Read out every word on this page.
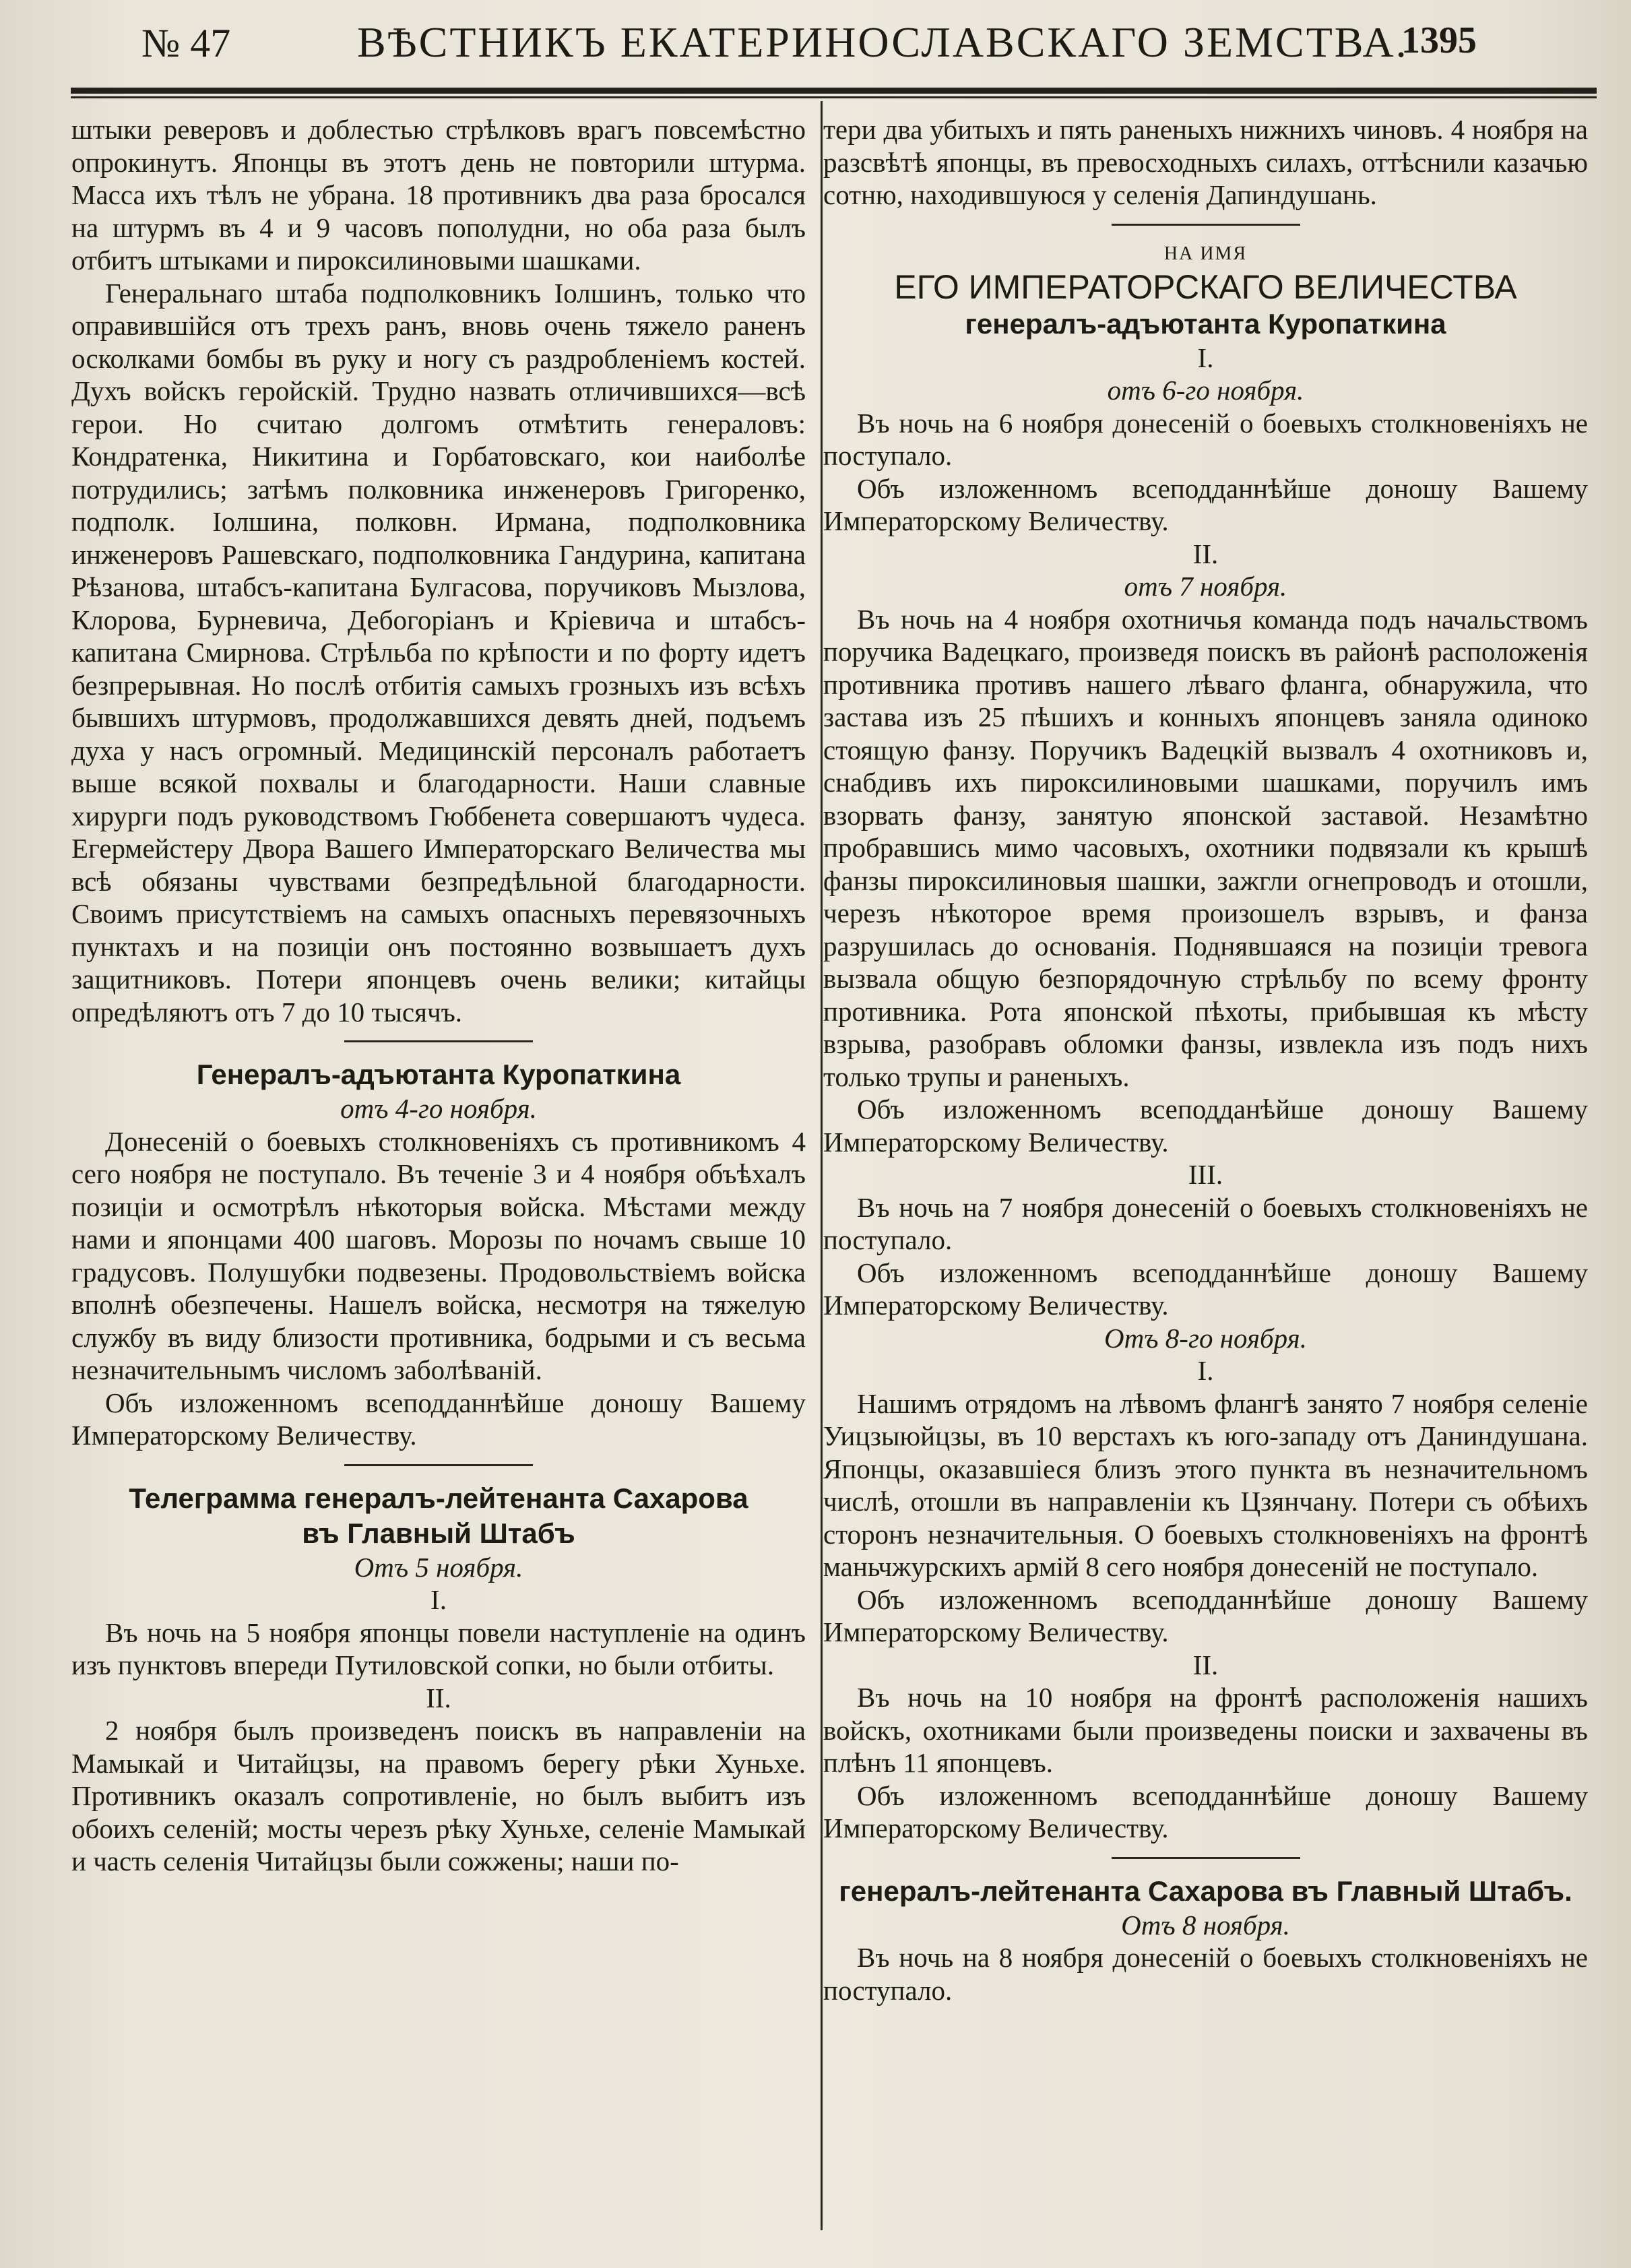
№ 47	ВѢСТНИКЪ ЕКАТЕРИНОСЛАВСКАГО ЗЕМСТВА.
1395

штыки реверовъ и доблестью стрѣлковъ врагъ повсемѣстно опрокинутъ. Японцы въ этотъ день не повторили штурма. Масса ихъ тѣлъ не убрана. 18 противникъ два раза бросался на штурмъ въ 4 и 9 часовъ пополудни, но оба раза былъ отбитъ штыками и пироксилиновыми шашками.

Генеральнаго штаба подполковникъ Іолшинъ, только что оправившійся отъ трехъ ранъ, вновь очень тяжело раненъ осколками бомбы въ руку и ногу съ раздробленіемъ костей. Духъ войскъ геройскій. Трудно назвать отличившихся—всѣ герои. Но считаю долгомъ отмѣтить генераловъ: Кондратенка, Никитина и Горбатовскаго, кои наиболѣе потрудились; затѣмъ полковника инженеровъ Григоренко, подполк. Іолшина, полковн. Ирмана, подполковника инженеровъ Рашевскаго, подполковника Гандурина, капитана Рѣзанова, штабсъ-капитана Булгасова, поручиковъ Мызлова, Клорова, Бурневича, Дебогоріанъ и Кріевича и штабсъ-капитана Смирнова. Стрѣльба по крѣпости и по форту идетъ безпрерывная. Но послѣ отбитія самыхъ грозныхъ изъ всѣхъ бывшихъ штурмовъ, продолжавшихся девять дней, подъемъ духа у насъ огромный. Медицинскій персоналъ работаетъ выше всякой похвалы и благодарности. Наши славные хирурги подъ руководствомъ Гюббенета совершаютъ чудеса. Егермейстеру Двора Вашего Императорскаго Величества мы всѣ обязаны чувствами безпредѣльной благодарности. Своимъ присутствіемъ на самыхъ опасныхъ перевязочныхъ пунктахъ и на позиціи онъ постоянно возвышаетъ духъ защитниковъ. Потери японцевъ очень велики; китайцы опредѣляютъ отъ 7 до 10 тысячъ.

Генералъ-адъютанта Куропаткина
отъ 4-го ноября.

Донесеній о боевыхъ столкновеніяхъ съ противникомъ 4 сего ноября не поступало. Въ теченіе 3 и 4 ноября объѣхалъ позиціи и осмотрѣлъ нѣкоторыя войска. Мѣстами между нами и японцами 400 шаговъ. Морозы по ночамъ свыше 10 градусовъ. Полушубки подвезены. Продовольствіемъ войска вполнѣ обезпечены. Нашелъ войска, несмотря на тяжелую службу въ виду близости противника, бодрыми и съ весьма незначительнымъ числомъ заболѣваній.

Объ изложенномъ всеподданнѣйше доношу Вашему Императорскому Величеству.

Телеграмма генералъ-лейтенанта Сахарова
въ Главный Штабъ
Отъ 5 ноября.
I.

Въ ночь на 5 ноября японцы повели наступленіе на одинъ изъ пунктовъ впереди Путиловской сопки, но были отбиты.

II.

2 ноября былъ произведенъ поискъ въ направленіи на Мамыкай и Читайцзы, на правомъ берегу рѣки Хуньхе. Противникъ оказалъ сопротивленіе, но былъ выбитъ изъ обоихъ селеній; мосты черезъ рѣку Хуньхе, селеніе Мамыкай и часть селенія Читайцзы были сожжены; наши по-

тери два убитыхъ и пять раненыхъ нижнихъ чиновъ. 4 ноября на разсвѣтѣ японцы, въ превосходныхъ силахъ, оттѣснили казачью сотню, находившуюся у селенія Дапиндушань.

НА ИМЯ
ЕГО ИМПЕРАТОРСКАГО ВЕЛИЧЕСТВА
генералъ-адъютанта Куропаткина
I.
отъ 6-го ноября.

Въ ночь на 6 ноября донесеній о боевыхъ столкновеніяхъ не поступало.

Объ изложенномъ всеподданнѣйше доношу Вашему Императорскому Величеству.

II.
отъ 7 ноября.

Въ ночь на 4 ноября охотничья команда подъ начальствомъ поручика Вадецкаго, произведя поискъ въ районѣ расположенія противника противъ нашего лѣваго фланга, обнаружила, что застава изъ 25 пѣшихъ и конныхъ японцевъ заняла одиноко стоящую фанзу. Поручикъ Вадецкій вызвалъ 4 охотниковъ и, снабдивъ ихъ пироксилиновыми шашками, поручилъ имъ взорвать фанзу, занятую японской заставой. Незамѣтно пробравшись мимо часовыхъ, охотники подвязали къ крышѣ фанзы пироксилиновыя шашки, зажгли огнепроводъ и отошли, черезъ нѣкоторое время произошелъ взрывъ, и фанза разрушилась до основанія. Поднявшаяся на позиціи тревога вызвала общую безпорядочную стрѣльбу по всему фронту противника. Рота японской пѣхоты, прибывшая къ мѣсту взрыва, разобравъ обломки фанзы, извлекла изъ подъ нихъ только трупы и раненыхъ.

Объ изложенномъ всеподданѣйше доношу Вашему Императорскому Величеству.

III.

Въ ночь на 7 ноября донесеній о боевыхъ столкновеніяхъ не поступало.

Объ изложенномъ всеподданнѣйше доношу Вашему Императорскому Величеству.

Отъ 8-го ноября.
I.

Нашимъ отрядомъ на лѣвомъ флангѣ занято 7 ноября селеніе Уицзыюйцзы, въ 10 верстахъ къ юго-западу отъ Даниндушана. Японцы, оказавшіеся близъ этого пункта въ незначительномъ числѣ, отошли въ направленіи къ Цзянчану. Потери съ обѣихъ сторонъ незначительныя. О боевыхъ столкновеніяхъ на фронтѣ маньчжурскихъ армій 8 сего ноября донесеній не поступало.

Объ изложенномъ всеподданнѣйше доношу Вашему Императорскому Величеству.

II.

Въ ночь на 10 ноября на фронтѣ расположенія нашихъ войскъ, охотниками были произведены поиски и захвачены въ плѣнъ 11 японцевъ.

Объ изложенномъ всеподданнѣйше доношу Вашему Императорскому Величеству.

генералъ-лейтенанта Сахарова въ Главный Штабъ.
Отъ 8 ноября.

Въ ночь на 8 ноября донесеній о боевыхъ столкновеніяхъ не поступало.
